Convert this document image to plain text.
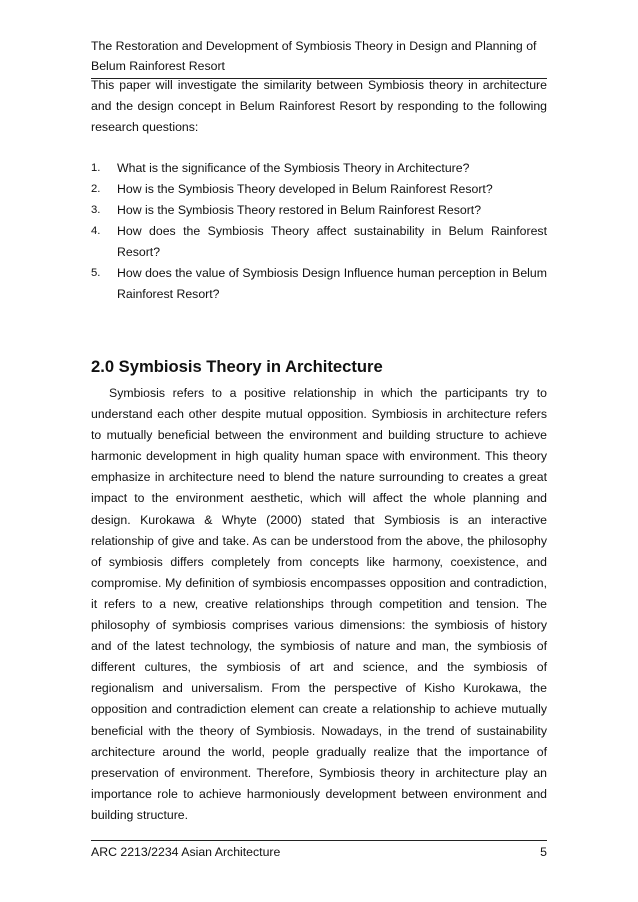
The Restoration and Development of Symbiosis Theory in Design and Planning of Belum Rainforest Resort
This paper will investigate the similarity between Symbiosis theory in architecture and the design concept in Belum Rainforest Resort by responding to the following research questions:
1.	What is the significance of the Symbiosis Theory in Architecture?
2.	How is the Symbiosis Theory developed in Belum Rainforest Resort?
3.	How is the Symbiosis Theory restored in Belum Rainforest Resort?
4.	How does the Symbiosis Theory affect sustainability in Belum Rainforest Resort?
5.	How does the value of Symbiosis Design Influence human perception in Belum Rainforest Resort?
2.0 Symbiosis Theory in Architecture

Symbiosis refers to a positive relationship in which the participants try to understand each other despite mutual opposition. Symbiosis in architecture refers to mutually beneficial between the environment and building structure to achieve harmonic development in high quality human space with environment. This theory emphasize in architecture need to blend the nature surrounding to creates a great impact to the environment aesthetic, which will affect the whole planning and design. Kurokawa & Whyte (2000) stated that Symbiosis is an interactive relationship of give and take. As can be understood from the above, the philosophy of symbiosis differs completely from concepts like harmony, coexistence, and compromise. My definition of symbiosis encompasses opposition and contradiction, it refers to a new, creative relationships through competition and tension. The philosophy of symbiosis comprises various dimensions: the symbiosis of history and of the latest technology, the symbiosis of nature and man, the symbiosis of different cultures, the symbiosis of art and science, and the symbiosis of regionalism and universalism. From the perspective of Kisho Kurokawa, the opposition and contradiction element can create a relationship to achieve mutually beneficial with the theory of Symbiosis. Nowadays, in the trend of sustainability architecture around the world, people gradually realize that the importance of preservation of environment. Therefore, Symbiosis theory in architecture play an importance role to achieve harmoniously development between environment and building structure.

ARC 2213/2234 Asian Architecture	5
